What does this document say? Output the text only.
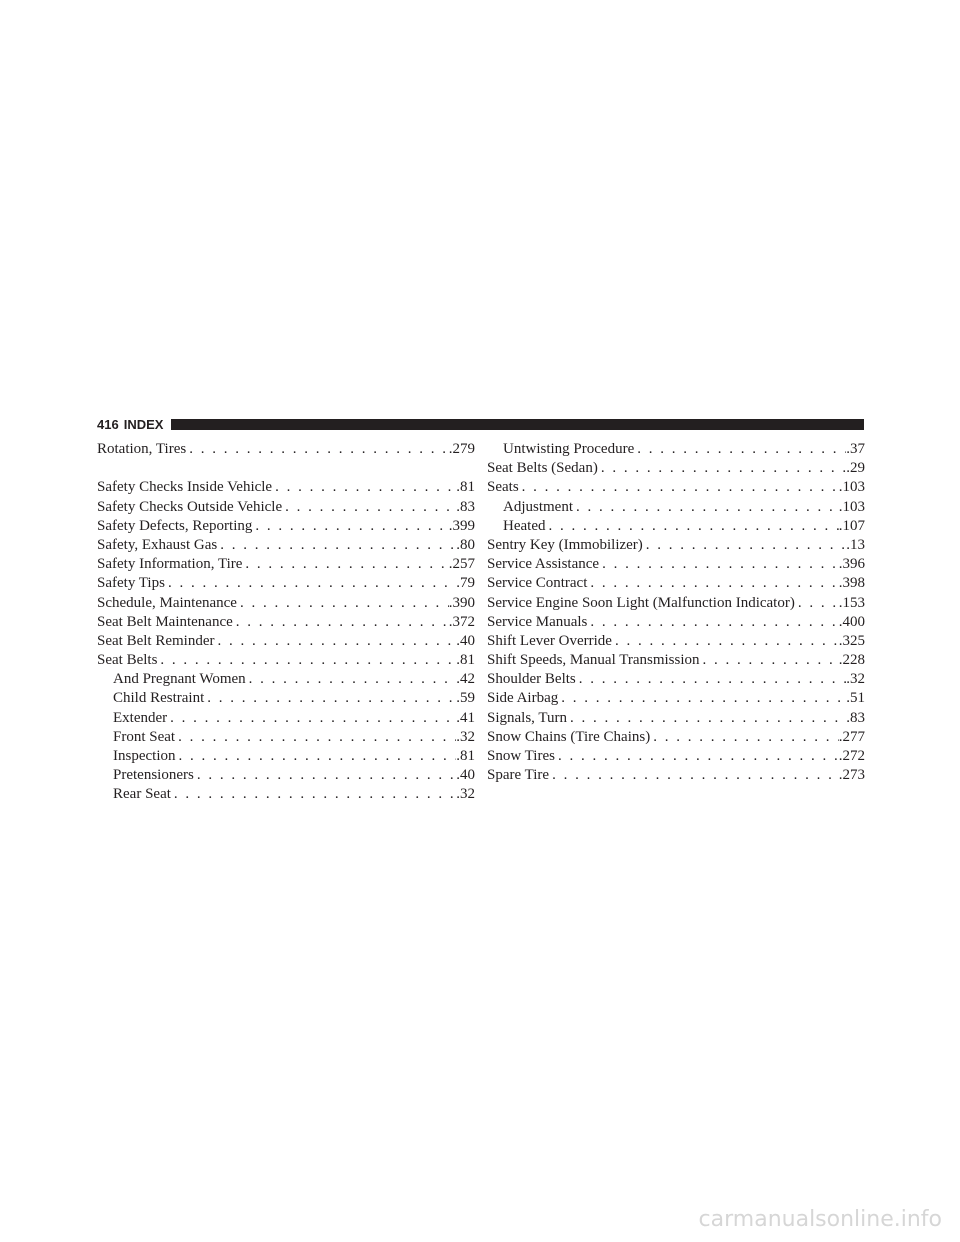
416 INDEX
Rotation, Tires . . .	.279
Safety Checks Inside Vehicle . . .	.81
Safety Checks Outside Vehicle . . .	.83
Safety Defects, Reporting . . .	.399
Safety, Exhaust Gas . . .	.80
Safety Information, Tire . . .	.257
Safety Tips . . .	.79
Schedule, Maintenance . . .	.390
Seat Belt Maintenance . . .	.372
Seat Belt Reminder . . .	.40
Seat Belts . . .	.81
And Pregnant Women . . .	.42
Child Restraint . . .	.59
Extender . . .	.41
Front Seat . . .	.32
Inspection . . .	.81
Pretensioners . . .	.40
Rear Seat . . .	.32
Untwisting Procedure . . .	.37
Seat Belts (Sedan) . . .	.29
Seats . . .	.103
Adjustment . . .	.103
Heated . . .	.107
Sentry Key (Immobilizer) . . .	.13
Service Assistance . . .	.396
Service Contract . . .	.398
Service Engine Soon Light (Malfunction Indicator) . . .	.153
Service Manuals . . .	.400
Shift Lever Override . . .	.325
Shift Speeds, Manual Transmission . . .	.228
Shoulder Belts . . .	.32
Side Airbag . . .	.51
Signals, Turn . . .	.83
Snow Chains (Tire Chains) . . .	.277
Snow Tires . . .	.272
Spare Tire . . .	.273
carmanualsonline.info
